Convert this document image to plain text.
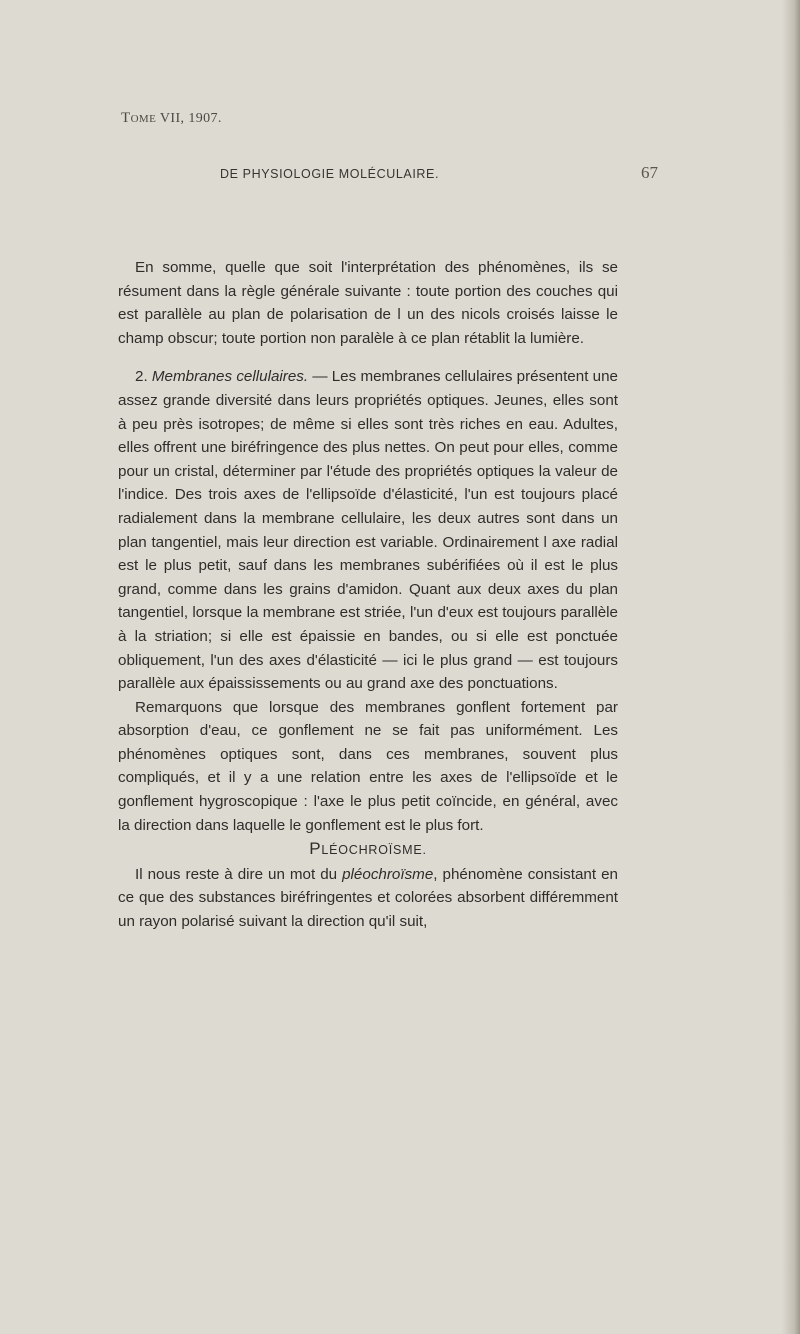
TOME VII, 1907.
DE PHYSIOLOGIE MOLÉCULAIRE.	67

En somme, quelle que soit l'interprétation des phénomènes, ils se résument dans la règle générale suivante : toute portion des couches qui est parallèle au plan de polarisation de l un des nicols croisés laisse le champ obscur; toute portion non paralèle à ce plan rétablit la lumière.

2. Membranes cellulaires. — Les membranes cellulaires présentent une assez grande diversité dans leurs propriétés optiques. Jeunes, elles sont à peu près isotropes; de même si elles sont très riches en eau. Adultes, elles offrent une biréfringence des plus nettes. On peut pour elles, comme pour un cristal, déterminer par l'étude des propriétés optiques la valeur de l'indice. Des trois axes de l'ellipsoïde d'élasticité, l'un est toujours placé radialement dans la membrane cellulaire, les deux autres sont dans un plan tangentiel, mais leur direction est variable. Ordinairement l axe radial est le plus petit, sauf dans les membranes subérifiées où il est le plus grand, comme dans les grains d'amidon. Quant aux deux axes du plan tangentiel, lorsque la membrane est striée, l'un d'eux est toujours parallèle à la striation; si elle est épaissie en bandes, ou si elle est ponctuée obliquement, l'un des axes d'élasticité — ici le plus grand — est toujours parallèle aux épaississements ou au grand axe des ponctuations.

Remarquons que lorsque des membranes gonflent fortement par absorption d'eau, ce gonflement ne se fait pas uniformément. Les phénomènes optiques sont, dans ces membranes, souvent plus compliqués, et il y a une relation entre les axes de l'ellipsoïde et le gonflement hygroscopique : l'axe le plus petit coïncide, en général, avec la direction dans laquelle le gonflement est le plus fort.

PLÉOCHROÏSME.

Il nous reste à dire un mot du pléochroïsme, phénomène consistant en ce que des substances biréfringentes et colorées absorbent différemment un rayon polarisé suivant la direction qu'il suit,
